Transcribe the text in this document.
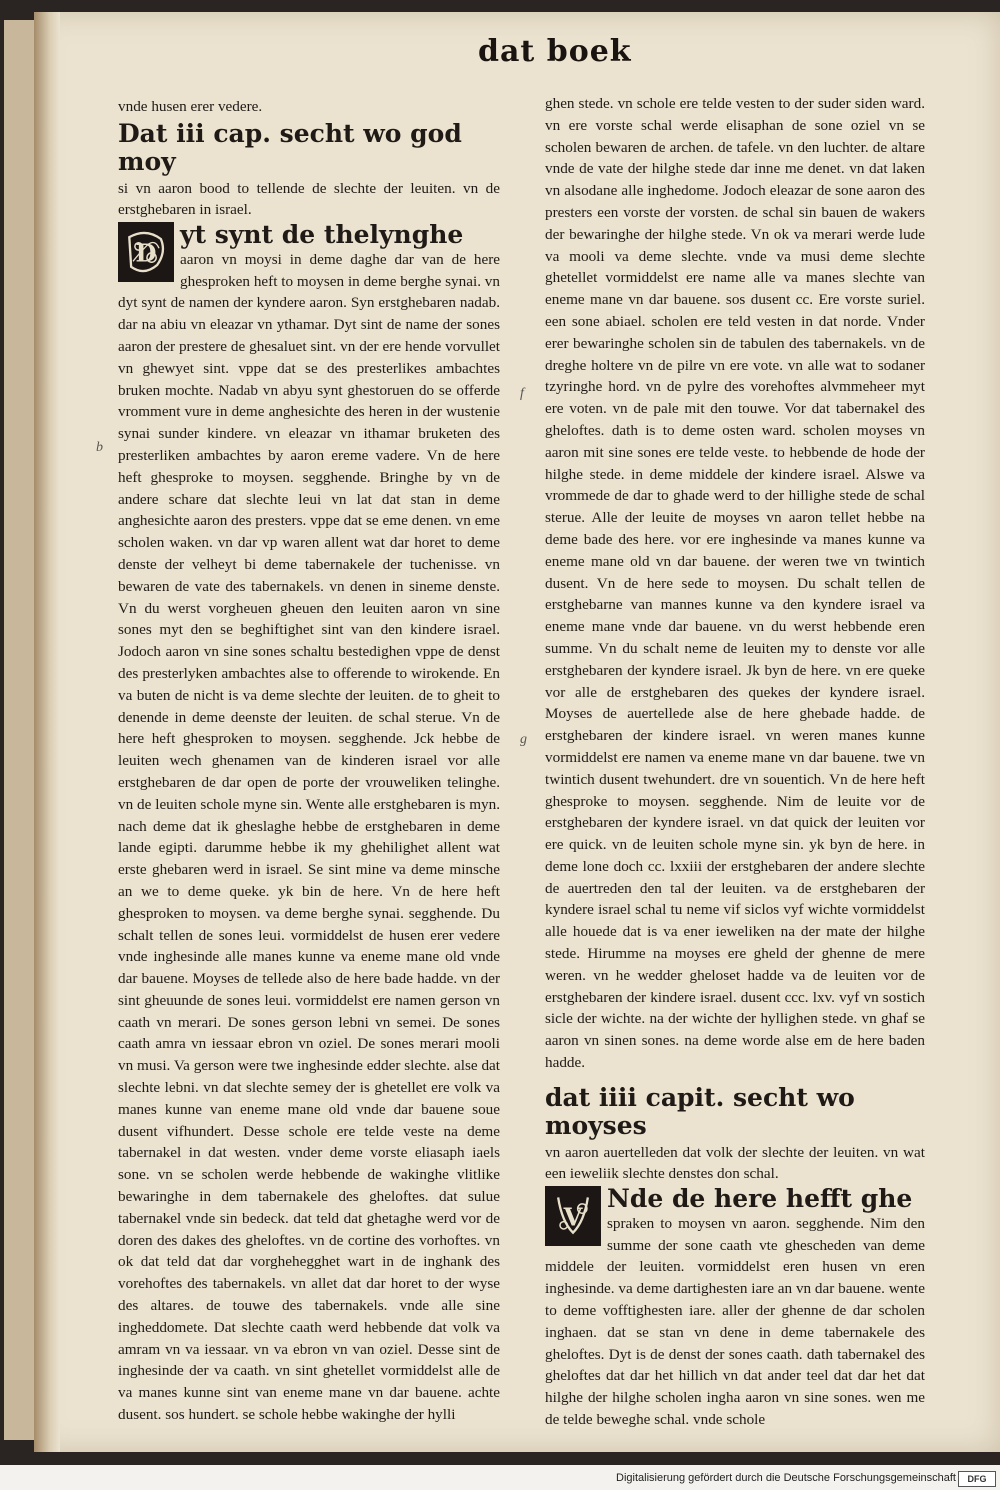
dat boek

vnde husen erer vedere.

Dat iii cap. secht wo god moy

si vn aaron bood to tellende de slechte der leuiten. vn de erstghebaren in israel.

D
yt synt de thelynghe

aaron vn moysi in deme daghe dar van de here ghesproken heft to moysen in deme berghe synai. vn dyt synt de namen der kyndere aaron. Syn erstghebaren nadab. dar na abiu vn eleazar vn ythamar. Dyt sint de name der sones aaron der prestere de ghesaluet sint. vn der ere hende vorvullet vn ghewyet sint. vppe dat se des presterlikes ambachtes bruken mochte. Nadab vn abyu synt ghestoruen do se offerde vromment vure in deme anghesichte des heren in der wustenie synai sunder kindere. vn eleazar vn ithamar bruketen des presterliken ambachtes by aaron ereme vadere. Vn de here heft ghesproke to moysen. segghende. Bringhe by vn de andere schare dat slechte leui vn lat dat stan in deme anghesichte aaron des presters. vppe dat se eme denen. vn eme scholen waken. vn dar vp waren allent wat dar horet to deme denste der velheyt bi deme tabernakele der tuchenisse. vn bewaren de vate des tabernakels. vn denen in sineme denste. Vn du werst vorgheuen gheuen den leuiten aaron vn sine sones myt den se beghiftighet sint van den kindere israel. Jodoch aaron vn sine sones schaltu bestedighen vppe de denst des presterlyken ambachtes alse to offerende to wirokende. En va buten de nicht is va deme slechte der leuiten. de to gheit to denende in deme deenste der leuiten. de schal sterue. Vn de here heft ghesproken to moysen. segghende. Jck hebbe de leuiten wech ghenamen van de kinderen israel vor alle erstghebaren de dar open de porte der vrouweliken telinghe. vn de leuiten schole myne sin. Wente alle erstghebaren is myn. nach deme dat ik gheslaghe hebbe de erstghebaren in deme lande egipti. darumme hebbe ik my ghehilighet allent wat erste ghebaren werd in israel. Se sint mine va deme minsche an we to deme queke. yk bin de here. Vn de here heft ghesproken to moysen. va deme berghe synai. segghende. Du schalt tellen de sones leui. vormiddelst de husen erer vedere vnde inghesinde alle manes kunne va eneme mane old vnde dar bauene. Moyses de tellede also de here bade hadde. vn der sint gheuunde de sones leui. vormiddelst ere namen gerson vn caath vn merari. De sones gerson lebni vn semei. De sones caath amra vn iessaar ebron vn oziel. De sones merari mooli vn musi. Va gerson were twe inghesinde edder slechte. alse dat slechte lebni. vn dat slechte semey der is ghetellet ere volk va manes kunne van eneme mane old vnde dar bauene soue dusent vifhundert. Desse schole ere telde veste na deme tabernakel in dat westen. vnder deme vorste eliasaph iaels sone. vn se scholen werde hebbende de wakinghe vlitlike bewaringhe in dem tabernakele des gheloftes. dat sulue tabernakel vnde sin bedeck. dat teld dat ghetaghe werd vor de doren des dakes des gheloftes. vn de cortine des vorhoftes. vn ok dat teld dat dar vorghehegghet wart in de inghank des vorehoftes des tabernakels. vn allet dat dar horet to der wyse des altares. de touwe des tabernakels. vnde alle sine ingheddomete. Dat slechte caath werd hebbende dat volk va amram vn va iessaar. vn va ebron vn van oziel. Desse sint de inghesinde der va caath. vn sint ghetellet vormiddelst alle de va manes kunne sint van eneme mane vn dar bauene. achte dusent. sos hundert. se schole hebbe wakinghe der hylli

ghen stede. vn schole ere telde vesten to der suder siden ward. vn ere vorste schal werde elisaphan de sone oziel vn se scholen bewaren de archen. de tafele. vn den luchter. de altare vnde de vate der hilghe stede dar inne me denet. vn dat laken vn alsodane alle inghedome. Jodoch eleazar de sone aaron des presters een vorste der vorsten. de schal sin bauen de wakers der bewaringhe der hilghe stede. Vn ok va merari werde lude va mooli va deme slechte. vnde va musi deme slechte ghetellet vormiddelst ere name alle va manes slechte van eneme mane vn dar bauene. sos dusent cc. Ere vorste suriel. een sone abiael. scholen ere teld vesten in dat norde. Vnder erer bewaringhe scholen sin de tabulen des tabernakels. vn de dreghe holtere vn de pilre vn ere vote. vn alle wat to sodaner tzyringhe hord. vn de pylre des vorehoftes alvmmeheer myt ere voten. vn de pale mit den touwe. Vor dat tabernakel des gheloftes. dath is to deme osten ward. scholen moyses vn aaron mit sine sones ere telde veste. to hebbende de hode der hilghe stede. in deme middele der kindere israel. Alswe va vrommede de dar to ghade werd to der hillighe stede de schal sterue. Alle der leuite de moyses vn aaron tellet hebbe na deme bade des here. vor ere inghesinde va manes kunne va eneme mane old vn dar bauene. der weren twe vn twintich dusent. Vn de here sede to moysen. Du schalt tellen de erstghebarne van mannes kunne va den kyndere israel va eneme mane vnde dar bauene. vn du werst hebbende eren summe. Vn du schalt neme de leuiten my to denste vor alle erstghebaren der kyndere israel. Jk byn de here. vn ere queke vor alle de erstghebaren des quekes der kyndere israel. Moyses de auertellede alse de here ghebade hadde. de erstghebaren der kindere israel. vn weren manes kunne vormiddelst ere namen va eneme mane vn dar bauene. twe vn twintich dusent twehundert. dre vn souentich. Vn de here heft ghesproke to moysen. segghende. Nim de leuite vor de erstghebaren der kyndere israel. vn dat quick der leuiten vor ere quick. vn de leuiten schole myne sin. yk byn de here. in deme lone doch cc. lxxiii der erstghebaren der andere slechte de auertreden den tal der leuiten. va de erstghebaren der kyndere israel schal tu neme vif siclos vyf wichte vormiddelst alle houede dat is va ener ieweliken na der mate der hilghe stede. Hirumme na moyses ere gheld der ghenne de mere weren. vn he wedder gheloset hadde va de leuiten vor de erstghebaren der kindere israel. dusent ccc. lxv. vyf vn sostich sicle der wichte. na der wichte der hyllighen stede. vn ghaf se aaron vn sinen sones. na deme worde alse em de here baden hadde.

dat iiii capit. secht wo moyses

vn aaron auertelleden dat volk der slechte der leuiten. vn wat een ieweliik slechte denstes don schal.

V
Nde de here hefft ghe

spraken to moysen vn aaron. segghende. Nim den summe der sone caath vte ghescheden van deme middele der leuiten. vormiddelst eren husen vn eren inghesinde. va deme dartighesten iare an vn dar bauene. wente to deme vofftighesten iare. aller der ghenne de dar scholen inghaen. dat se stan vn dene in deme tabernakele des gheloftes. Dyt is de denst der sones caath. dath tabernakel des gheloftes dat dar het hillich vn dat ander teel dat dar het dat hilghe der hilghe scholen ingha aaron vn sine sones. wen me de telde beweghe schal. vnde schole

b
f
g
Digitalisierung gefördert durch die Deutsche Forschungsgemeinschaft	DFG
